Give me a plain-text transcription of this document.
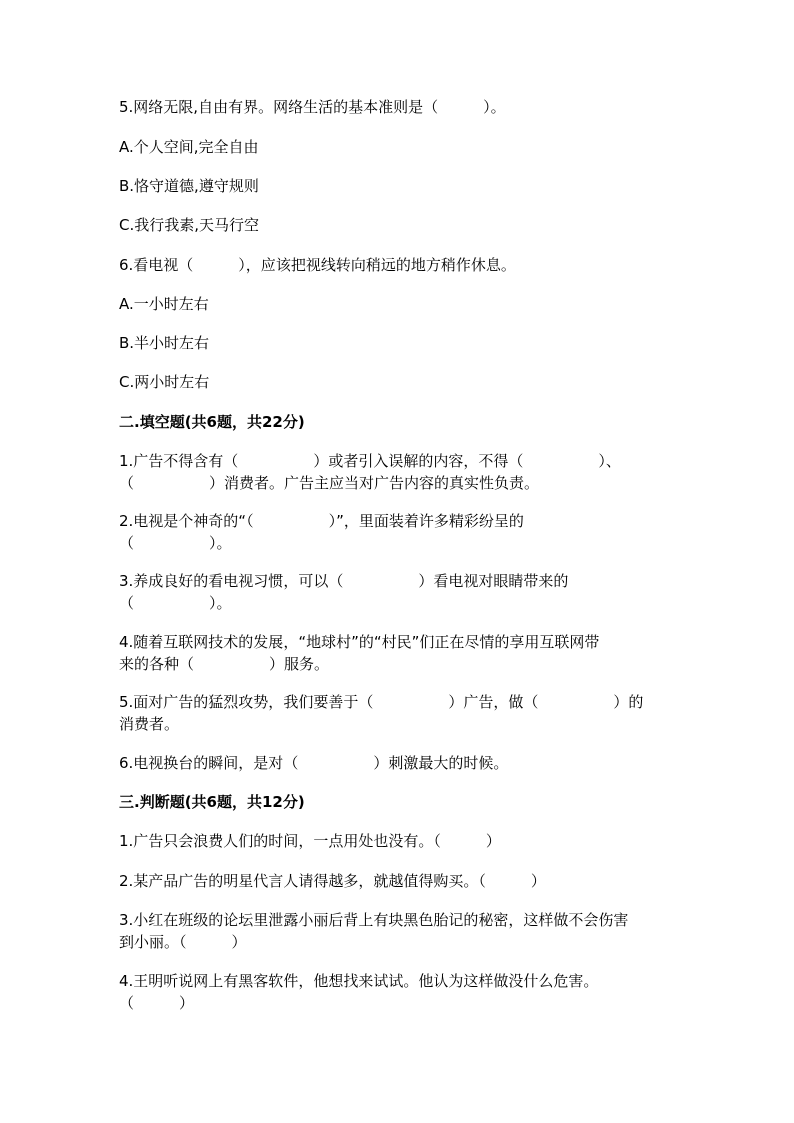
5.网络无限,自由有界。网络生活的基本准则是（　　　）。
A.个人空间,完全自由
B.恪守道德,遵守规则
C.我行我素,天马行空
6.看电视（　　　），应该把视线转向稍远的地方稍作休息。
A.一小时左右
B.半小时左右
C.两小时左右
二.填空题(共6题，共22分)
1.广告不得含有（　　　　　）或者引入误解的内容，不得（　　　　　）、
（　　　　　）消费者。广告主应当对广告内容的真实性负责。
2.电视是个神奇的“（　　　　　）”，里面装着许多精彩纷呈的
（　　　　　）。
3.养成良好的看电视习惯，可以（　　　　　）看电视对眼睛带来的
（　　　　　）。
4.随着互联网技术的发展，“地球村”的“村民”们正在尽情的享用互联网带
来的各种（　　　　　）服务。
5.面对广告的猛烈攻势，我们要善于（　　　　　）广告，做（　　　　　）的
消费者。
6.电视换台的瞬间，是对（　　　　　）刺激最大的时候。
三.判断题(共6题，共12分)
1.广告只会浪费人们的时间，一点用处也没有。（　　　）
2.某产品广告的明星代言人请得越多，就越值得购买。（　　　）
3.小红在班级的论坛里泄露小丽后背上有块黑色胎记的秘密，这样做不会伤害
到小丽。（　　　）
4.王明听说网上有黑客软件，他想找来试试。他认为这样做没什么危害。
（　　　）
